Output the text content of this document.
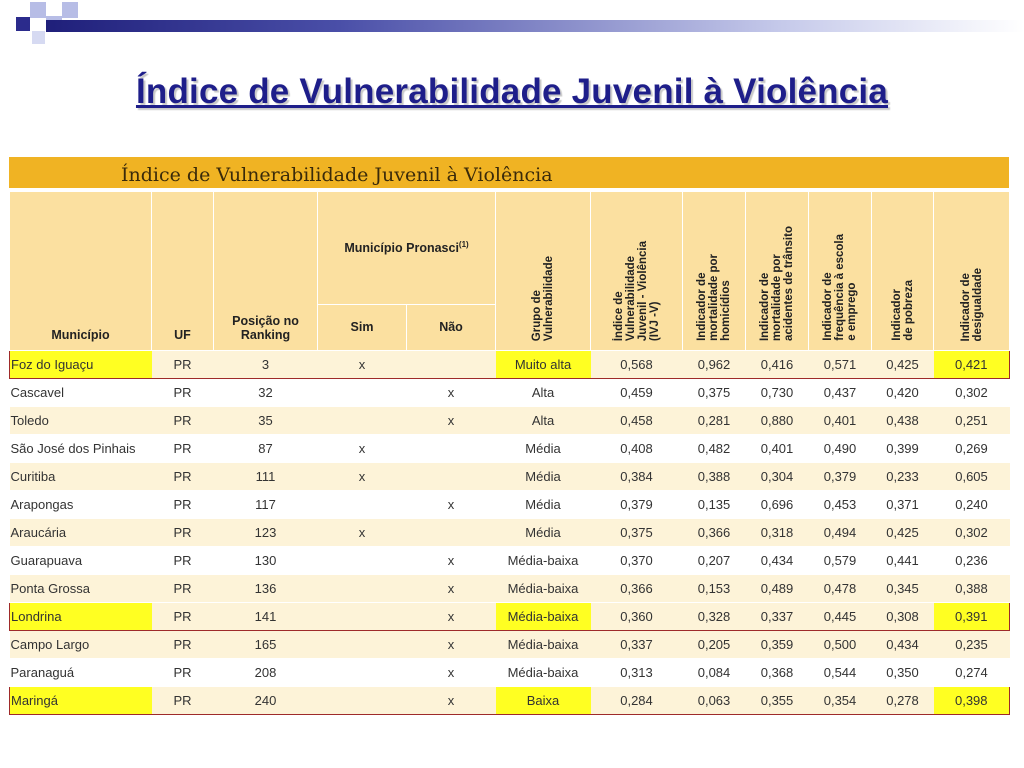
Índice de Vulnerabilidade Juvenil à Violência
Índice de Vulnerabilidade Juvenil à Violência
Município	UF	Posição no
Ranking	Município Pronasci$^{(1)}$		Grupo de
Vulnerabilidade	Índice de
Vulnerabilidade
Juvenil - Violência
(IVJ -V)	Indicador de
mortalidade por
homicídios	Indicador de
mortalidade por
acidentes de trânsito	Indicador de
frequência à escola
e emprego	Indicador
de pobreza	Indicador de
desigualdade
			Sim	Não							
Foz do Iguaçu	PR	3	x		Muito alta	0,568	0,962	0,416	0,571	0,425	0,421
Cascavel	PR	32		x	Alta	0,459	0,375	0,730	0,437	0,420	0,302
Toledo	PR	35		x	Alta	0,458	0,281	0,880	0,401	0,438	0,251
São José dos Pinhais	PR	87	x		Média	0,408	0,482	0,401	0,490	0,399	0,269
Curitiba	PR	111	x		Média	0,384	0,388	0,304	0,379	0,233	0,605
Arapongas	PR	117		x	Média	0,379	0,135	0,696	0,453	0,371	0,240
Araucária	PR	123	x		Média	0,375	0,366	0,318	0,494	0,425	0,302
Guarapuava	PR	130		x	Média-baixa	0,370	0,207	0,434	0,579	0,441	0,236
Ponta Grossa	PR	136		x	Média-baixa	0,366	0,153	0,489	0,478	0,345	0,388
Londrina	PR	141		x	Média-baixa	0,360	0,328	0,337	0,445	0,308	0,391
Campo Largo	PR	165		x	Média-baixa	0,337	0,205	0,359	0,500	0,434	0,235
Paranaguá	PR	208		x	Média-baixa	0,313	0,084	0,368	0,544	0,350	0,274
Maringá	PR	240		x	Baixa	0,284	0,063	0,355	0,354	0,278	0,398
